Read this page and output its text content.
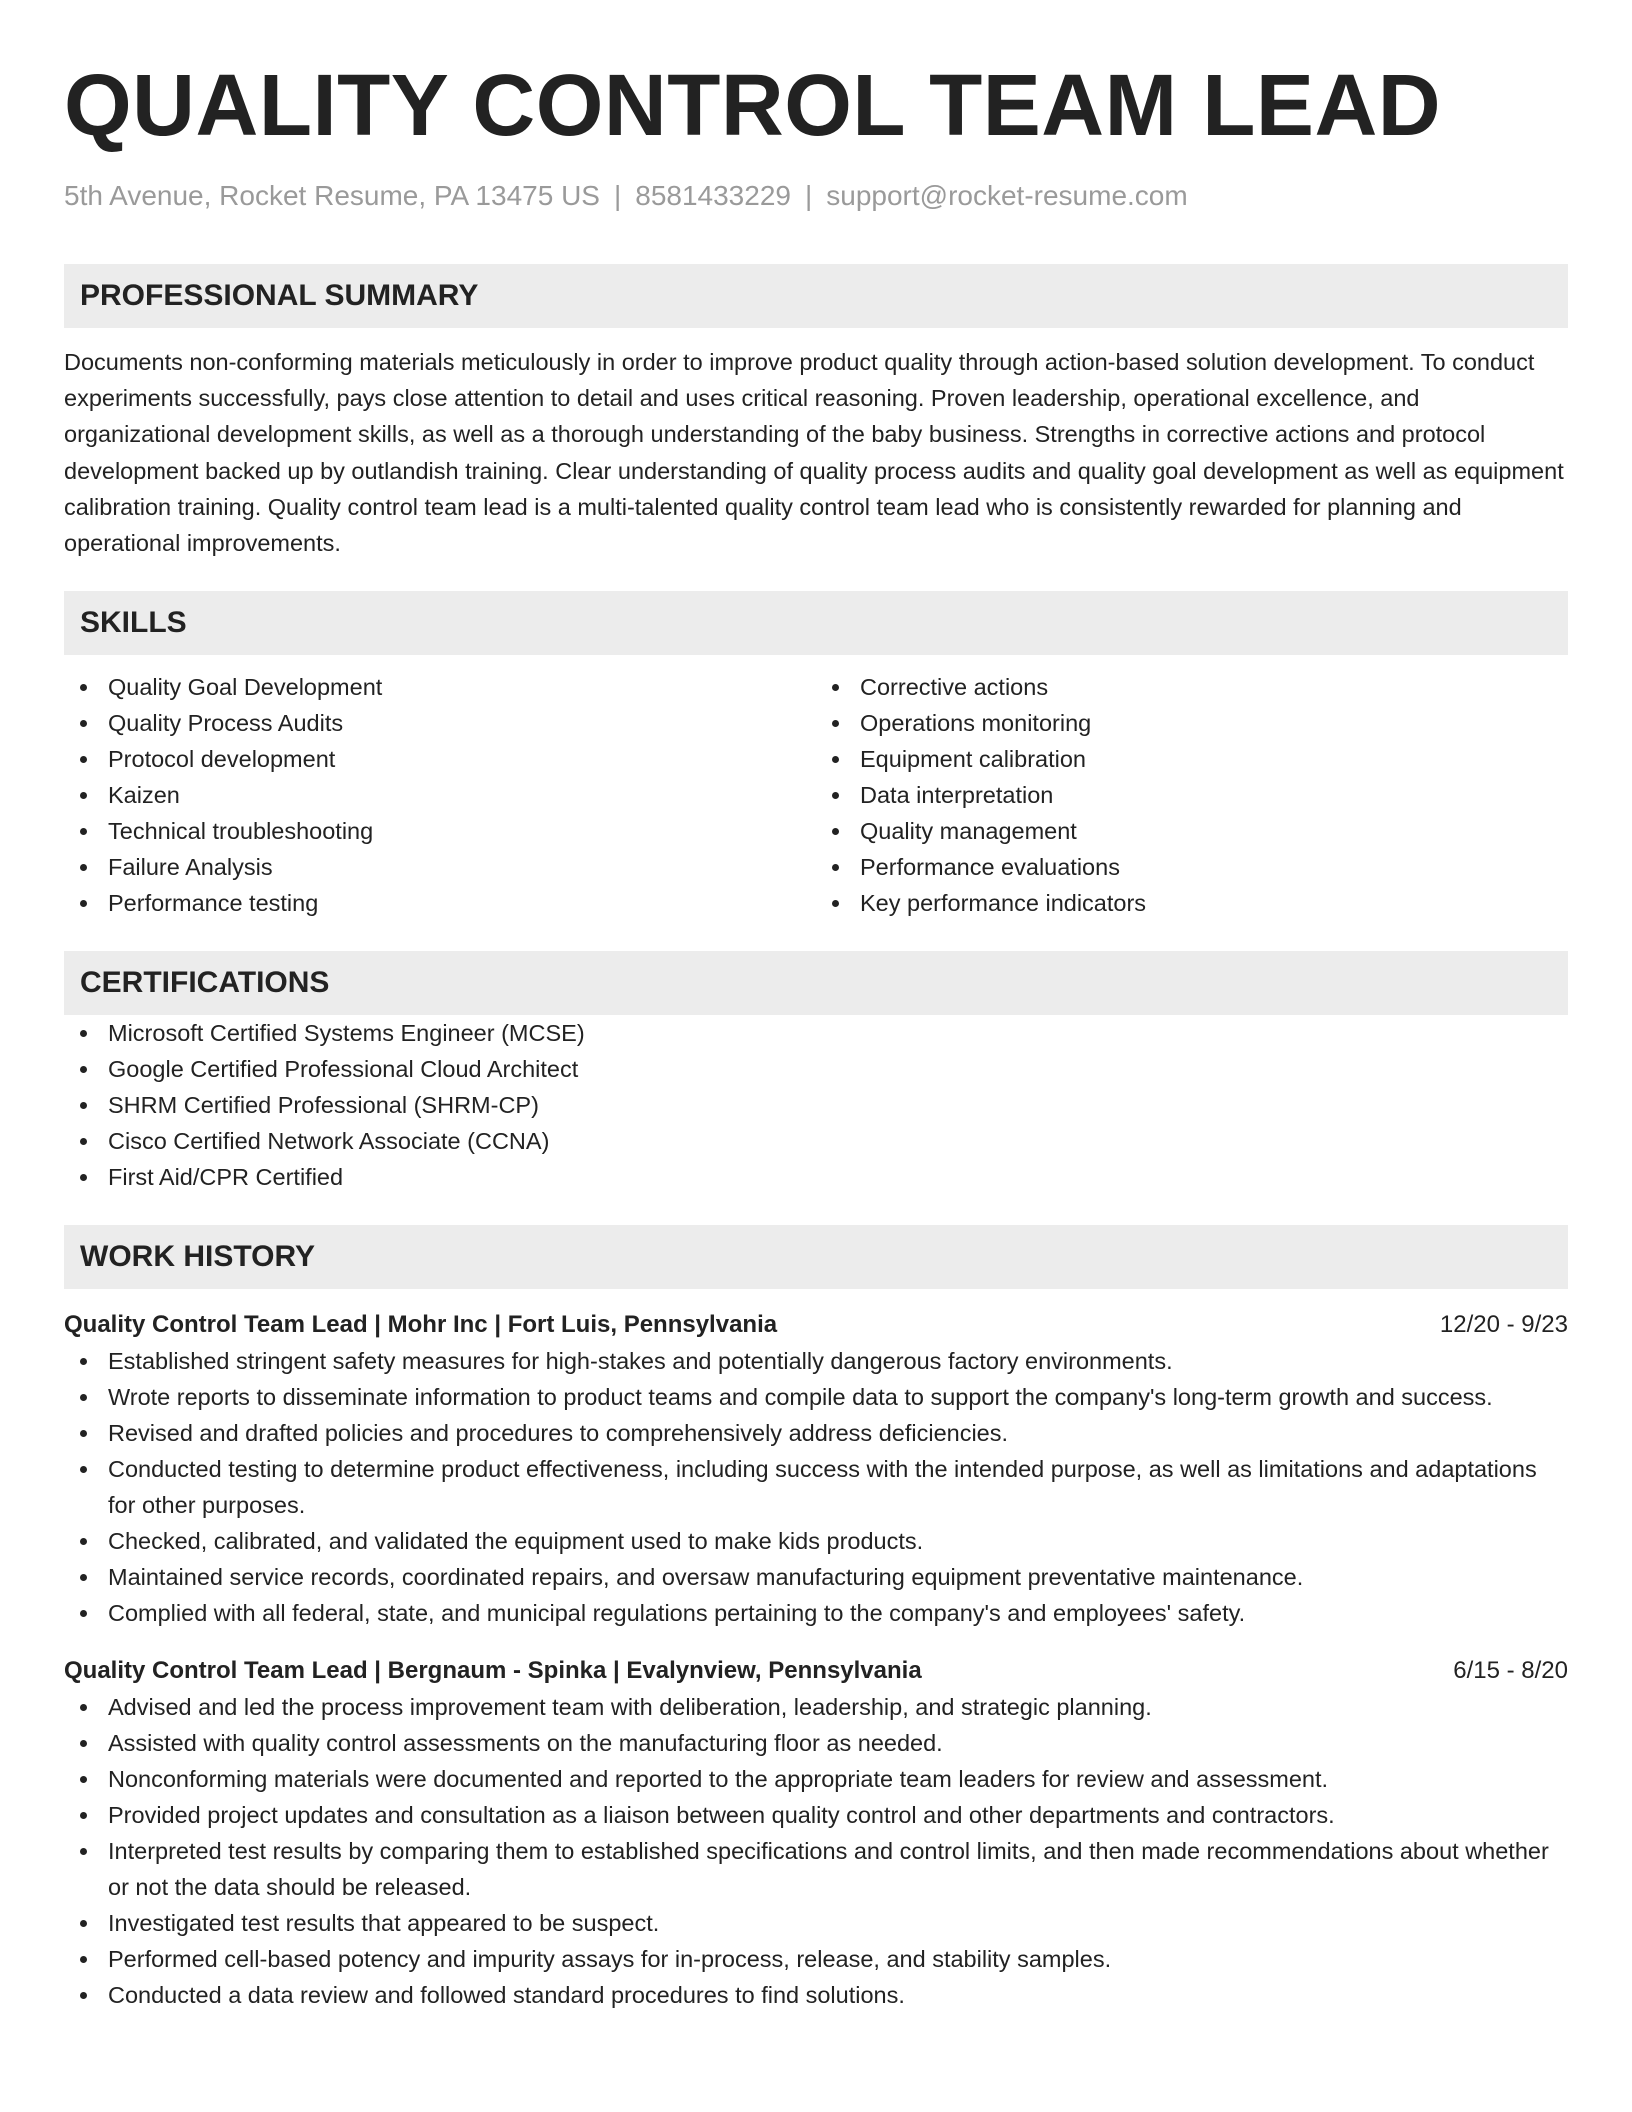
QUALITY CONTROL TEAM LEAD
5th Avenue, Rocket Resume, PA 13475 US | 8581433229 | support@rocket-resume.com
PROFESSIONAL SUMMARY

Documents non-conforming materials meticulously in order to improve product quality through action-based solution development. To conduct experiments successfully, pays close attention to detail and uses critical reasoning. Proven leadership, operational excellence, and organizational development skills, as well as a thorough understanding of the baby business. Strengths in corrective actions and protocol development backed up by outlandish training. Clear understanding of quality process audits and quality goal development as well as equipment calibration training. Quality control team lead is a multi-talented quality control team lead who is consistently rewarded for planning and operational improvements.

SKILLS
Quality Goal Development
Quality Process Audits
Protocol development
Kaizen
Technical troubleshooting
Failure Analysis
Performance testing
Corrective actions
Operations monitoring
Equipment calibration
Data interpretation
Quality management
Performance evaluations
Key performance indicators
CERTIFICATIONS
Microsoft Certified Systems Engineer (MCSE)
Google Certified Professional Cloud Architect
SHRM Certified Professional (SHRM-CP)
Cisco Certified Network Associate (CCNA)
First Aid/CPR Certified
WORK HISTORY
Quality Control Team Lead | Mohr Inc | Fort Luis, Pennsylvania	12/20 - 9/23
Established stringent safety measures for high-stakes and potentially dangerous factory environments.
Wrote reports to disseminate information to product teams and compile data to support the company's long-term growth and success.
Revised and drafted policies and procedures to comprehensively address deficiencies.
Conducted testing to determine product effectiveness, including success with the intended purpose, as well as limitations and adaptations for other purposes.
Checked, calibrated, and validated the equipment used to make kids products.
Maintained service records, coordinated repairs, and oversaw manufacturing equipment preventative maintenance.
Complied with all federal, state, and municipal regulations pertaining to the company's and employees' safety.
Quality Control Team Lead | Bergnaum - Spinka | Evalynview, Pennsylvania	6/15 - 8/20
Advised and led the process improvement team with deliberation, leadership, and strategic planning.
Assisted with quality control assessments on the manufacturing floor as needed.
Nonconforming materials were documented and reported to the appropriate team leaders for review and assessment.
Provided project updates and consultation as a liaison between quality control and other departments and contractors.
Interpreted test results by comparing them to established specifications and control limits, and then made recommendations about whether or not the data should be released.
Investigated test results that appeared to be suspect.
Performed cell-based potency and impurity assays for in-process, release, and stability samples.
Conducted a data review and followed standard procedures to find solutions.
